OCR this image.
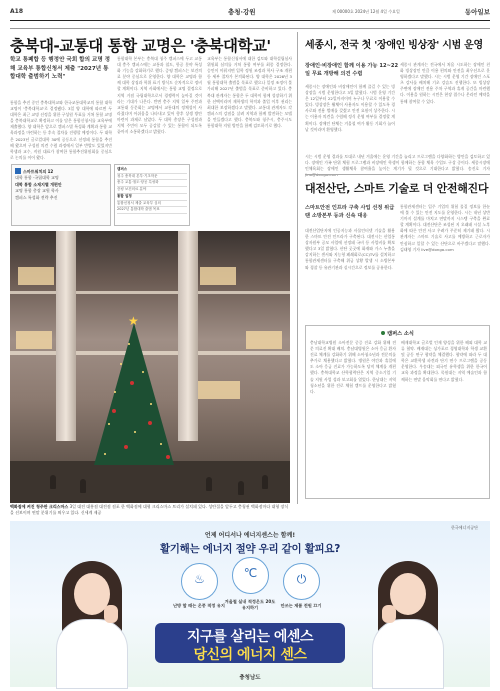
A18	충청·강원	제 00000호 2024년 12월 4일 수요일	동아일보
충북대-교통대 통합 교명은 '충북대학교'
학교 통폐합 등 행정안 국회 합의 교명 정해 교육부 통합신청서 제출 "2027년 통합대학 출범하기 노력"
통합을 추진 중인 충북대학교와 한국교통대학교의 통합 대학 교명이 '충북대학교'로 결정됐다. 3일 양 대학에 따르면 두 대학은 최근 교명 선정을 위한 구성원 투표를 거쳐 통합 교명을 충북대학교로 확정하고 이를 담은 통합신청서를 교육부에 제출했다. 양 대학은 앞으로 캠퍼스별 특성화 계획과 통합 교육과정을 마련하는 등 후속 절차를 진행할 예정이다. 두 대학은 2023년 글로컬대학 30에 공동으로 선정돼 통합을 추진해 왔으며 구성원 의견 수렴 과정에서 일부 반발도 있었지만 학생과 교수, 직원 대표가 참여한 통합추진위원회를 중심으로 논의를 이어 왔다.
통합대학 본부는 충북대 청주 캠퍼스에 두고 교통대 충주 캠퍼스에는 교통과 철도, 항공 분야 특성화 기능을 강화하기로 했다. 증평 캠퍼스는 보건의료 분야 중심으로 운영한다. 양 대학은 교명과 함께 대학 상징과 학위 표기 방식도 순차적으로 정비할 계획이다. 지역 사회에서는 통합 교명 결정으로 지역 거점 국립대학으로서 경쟁력이 높아질 것이라는 기대가 나온다. 반면 충주 지역 일부 주민과 교통대 동문회는 교명에서 교통대의 정체성이 사라졌다며 아쉬움을 나타내고 있어 향후 상생 방안 마련이 과제로 남았다. 두 대학 총장은 구성원과 지역 주민이 모두 공감할 수 있는 통합이 되도록 끝까지 소통하겠다고 밝혔다.
교육부는 통합신청서에 대한 검토와 대학설립심사위원회 심의를 거쳐 통합 여부를 최종 결정한다. 승인이 이뤄지면 입학 정원 조정과 학사 구조 개편 등 세부 절차가 본격화된다. 양 대학은 2026년 3월 통합대학 출범을 목표로 했으나 일정 조정이 불가피해 2027년 출범을 목표로 준비하고 있다. 충북대 관계자는 통합은 두 대학이 함께 성장하기 위한 선택이라며 재학생의 학적과 졸업 이후 권리는 최대한 보장하겠다고 말했다. 교통대 관계자도 각 캠퍼스의 강점을 살려 지역과 함께 발전하는 모델을 만들겠다고 했다. 충북도와 청주시, 충주시도 통합대학 지원 방안을 함께 검토하기로 했다.
스마트워치의 12
대학 통합 ·국립대학 교명
대학 통합 소재지별 개편안
교명 통합 총장 교원 학사
캠퍼스 특성화 전략 추진
캠퍼스
청주 충북대 본부·기초학문
충주 교통·철도·항공 특성화
증평 보건의료 분야
통합 일정
통합신청서 제출 교육부 심의
2027년 통합대학 출범 목표
★
백화점에 켜진 청주판 크리스마스 3일 대전 대흥점 대전점 점포 한 백화점에 대형 크리스마스 트리가 설치돼 있다. 성탄절을 앞두고 충청권 백화점마다 대형 장식을 선보이며 연말 분위기를 띄우고 있다. 신세계 제공
세종시, 전국 첫 '장애인 빙상장' 시범 운영
장애인·비장애인 함께 이용 가능 12~22일 무료 개방해 의견 수렴
세종시는 장애인과 비장애인이 함께 즐길 수 있는 빙상장을 시범 운영한다고 3일 밝혔다. 시범 운영 기간은 12일부터 22일까지이며 누구나 무료로 이용할 수 있다. 빙상장은 휠체어 사용자도 이용할 수 있도록 경사로와 전용 썰매를 갖췄고 안전 요원이 상주한다. 시는 이용자 의견을 수렴해 정식 운영 여부를 결정할 계획이다. 장애인 단체는 겨울철 여가 활동 기회가 늘어날 것이라며 환영했다.
세종시 관계자는 전국에서 처음 시도하는 장애인 친화 빙상장인 만큼 이용 편의와 안전을 최우선으로 운영하겠다고 말했다. 시는 시범 운영 기간 장애인 스포츠 강사를 배치해 기초 강습도 진행한다. 또 빙상장 주변에 장애인 전용 주차 구역과 휴게 공간을 마련했다. 이용을 원하는 시민은 현장 접수나 온라인 예약을 통해 참여할 수 있다.
시는 시범 운영 결과를 토대로 내년 겨울에는 운영 기간을 늘리고 프로그램을 다양화하는 방안을 검토하고 있다. 장애인 가족 단위 체험 프로그램과 비장애인 학생이 함께하는 통합 체육 수업도 구상 중이다. 세종시장애인체육회는 장애인 생활체육 참여율을 높이는 계기가 될 것으로 기대한다고 밝혔다. 송진호 기자 jino@donga.com
대전산단, 스마트 기술로 더 안전해진다
스마트안전 인프라 구축 사업 선정 위급 땐 소방본부 등과 신속 대응
대전산업단지에 인공지능과 사물인터넷 기술을 활용한 스마트 안전 인프라가 구축된다. 대전시는 산업통상자원부 공모 사업에 선정돼 국비 등 사업비를 확보했다고 3일 밝혔다. 산단 곳곳에 화재와 가스 누출을 감지하는 센서와 지능형 폐쇄회로(CC)TV를 설치하고 통합관제센터를 구축해 위급 상황 발생 시 소방본부와 경찰 등 유관기관과 실시간으로 정보를 공유한다.
통합관제센터는 입주 기업의 위험 물질 정보를 한눈에 볼 수 있는 안전 지도를 운영한다. 시는 내년 상반기까지 설계를 마치고 연말까지 시스템 구축을 완료할 계획이다. 대전산단은 조성된 지 오래돼 시설 노후화에 따른 안전 사고 우려가 꾸준히 제기돼 왔다. 시 관계자는 스마트 기술로 사고를 예방하고 근로자가 안심하고 일할 수 있는 산단으로 바꾸겠다고 말했다. 김태영 기자 live@donga.com
캠퍼스 소식
충남대학교병원 소아전문 중증 진료 강화 위해 전문 의료진 확대 배치. 충남대병원은 소아 응급 환자 진료 체계를 강화하기 위해 소아청소년과 전문의를 추가로 채용했다고 밝혔다. 병원은 야간과 휴일에도 소아 응급 진료가 가능하도록 당직 체계를 개편했다. 충북대학교 산학협력단은 지역 중소기업 기술 지원 사업 성과 보고회를 열었다. 한남대는 지역 청소년을 위한 진로 체험 캠프를 운영한다고 밝혔다.
배재대학교 글로벌 인재 양성을 위한 해외 대학 교류 협약. 배재대는 싱가포르 경영대학과 학생 교환 및 공동 연구 협약을 체결했다. 협약에 따라 두 대학은 교환학생 파견과 단기 연수 프로그램을 공동 운영한다. 우송대는 외국인 유학생을 위한 한국어 교육 과정을 확대한다. 목원대는 지역 예술인과 함께하는 연말 음악회를 연다고 밝혔다.
한국에너지공단
언제 어디서나 에너지센스는 함께!
활기해는 에너지 절약 우리 같이 활피요?
♨	℃	⏻
난방 할 때는 온풍 적정 유지
겨울철 실내 적정온도 20도 유지하기	안쓰는 제품 전원 끄기
지구를 살리는 에센스
당신의 에너지 센스
충청남도
